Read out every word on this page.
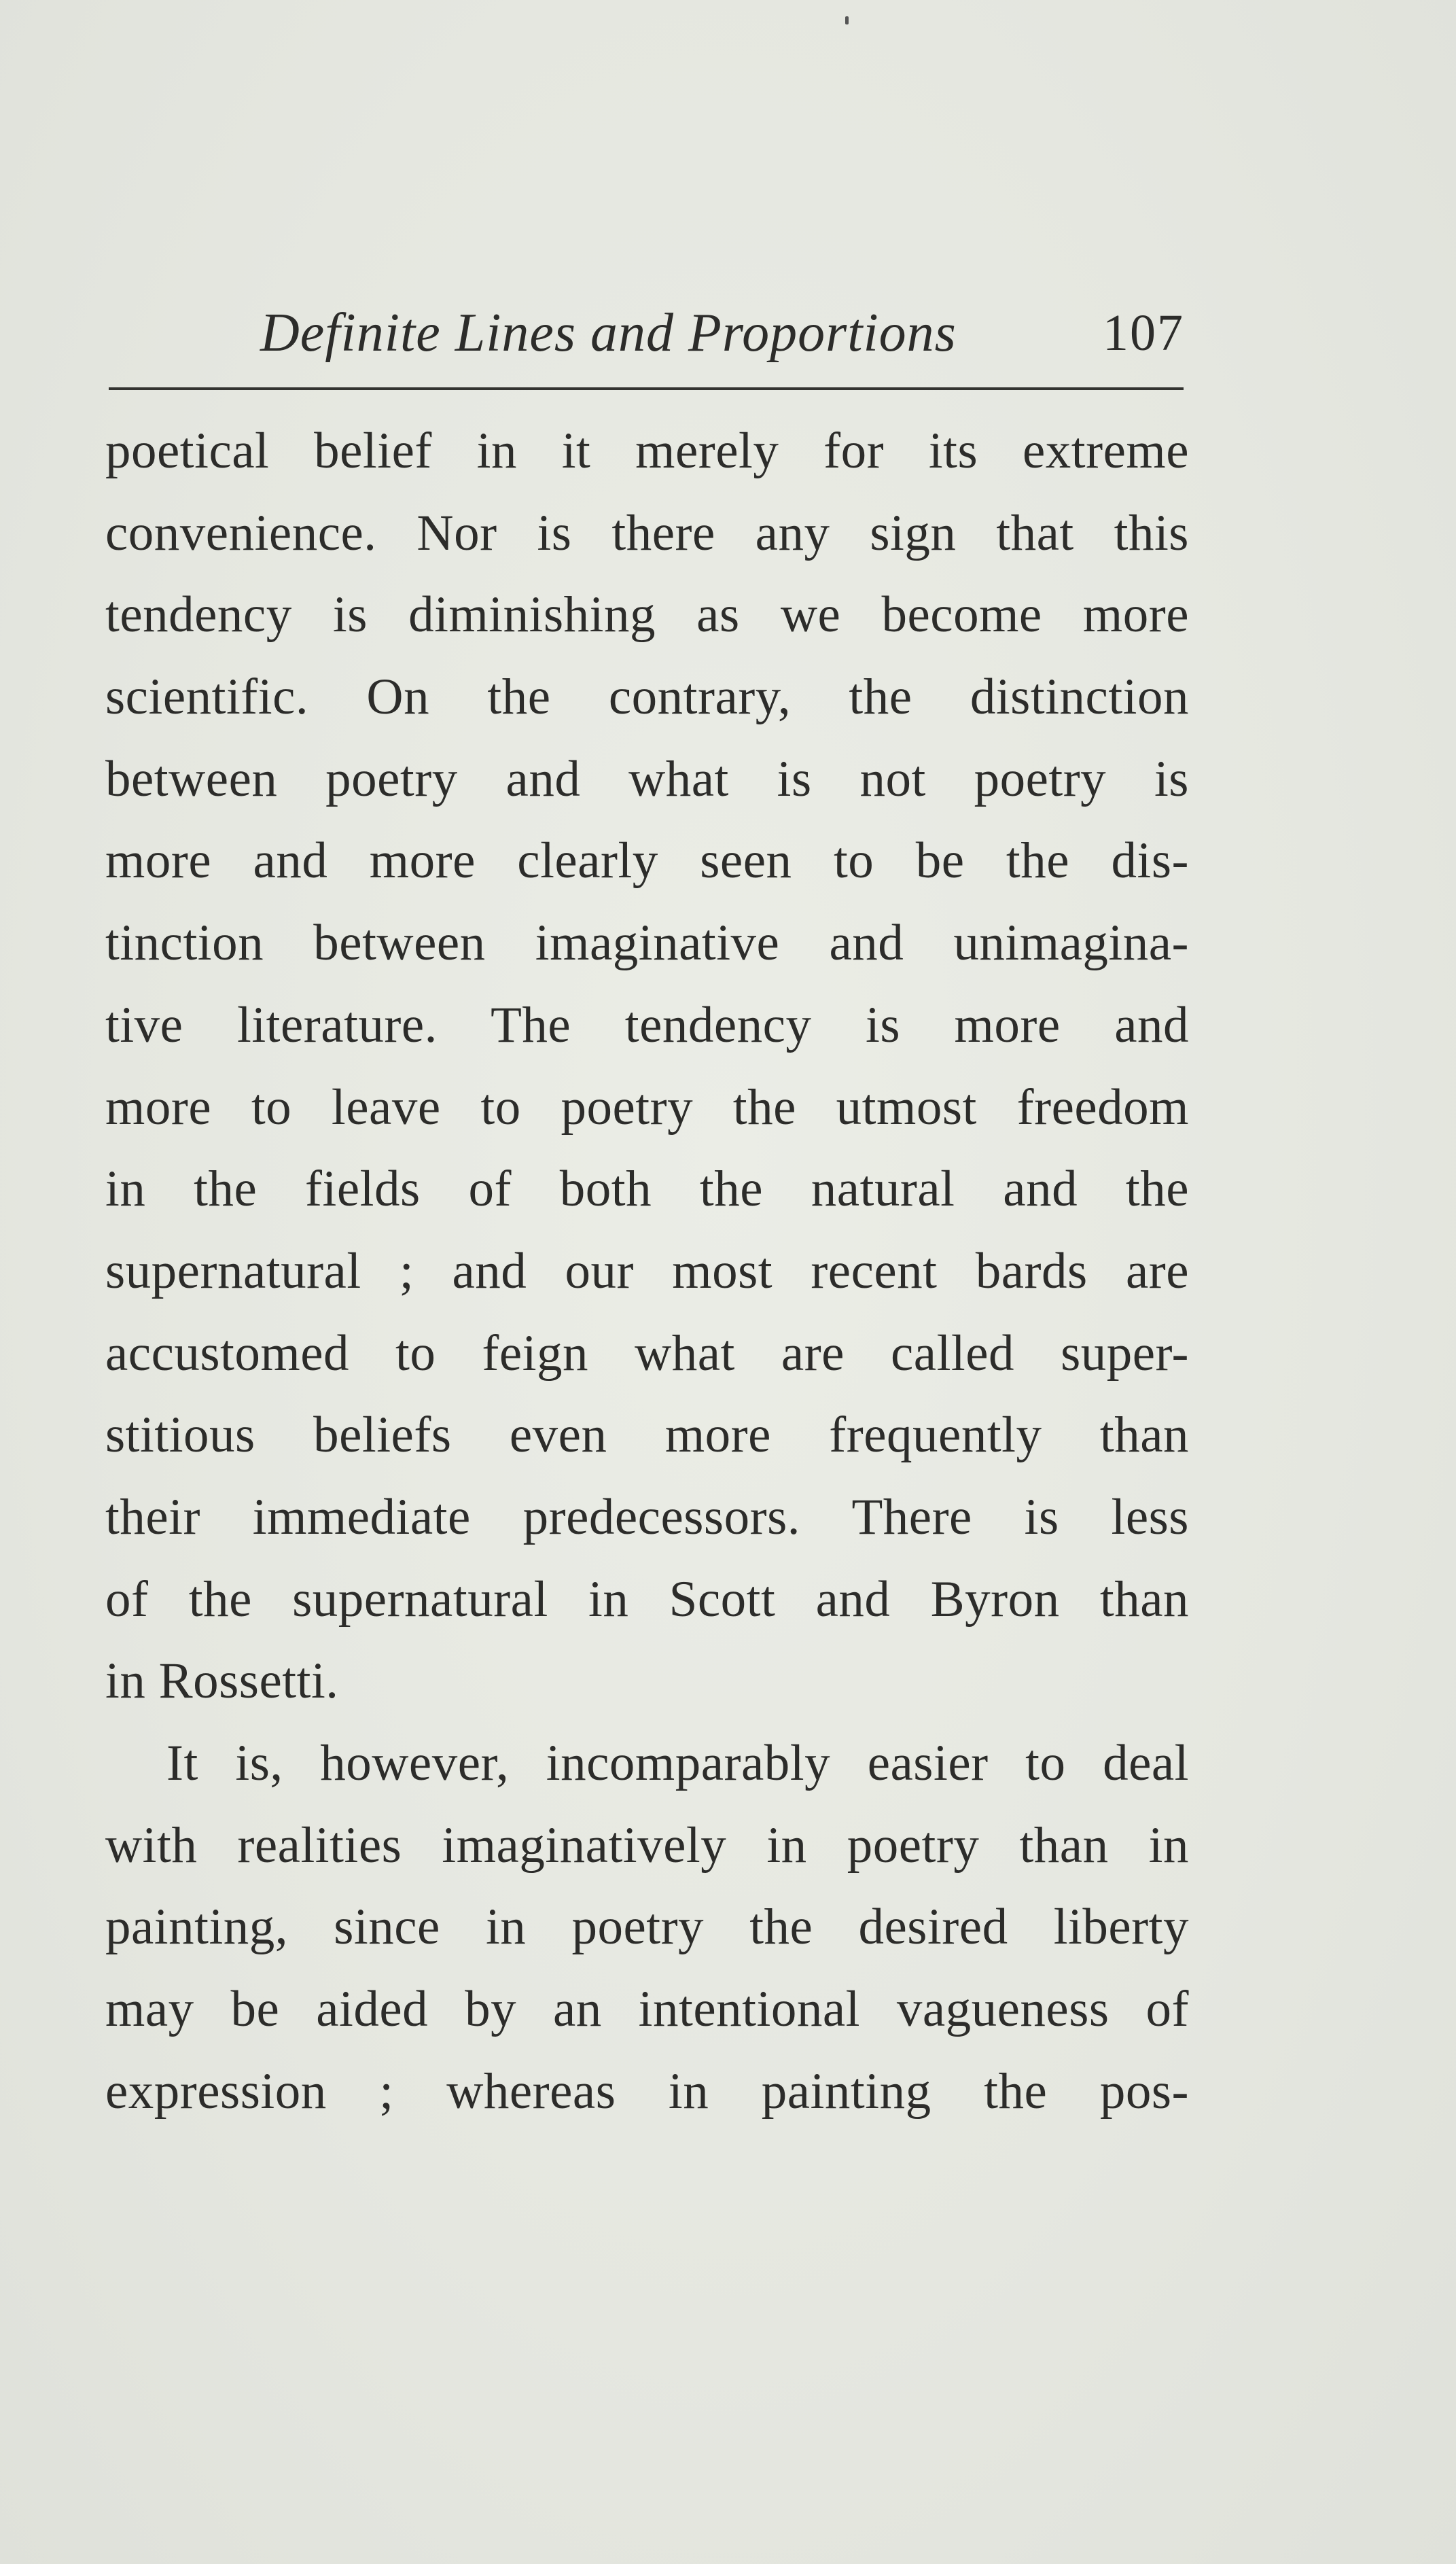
Definite Lines and Proportions	107
poetical belief in it merely for its extreme
convenience. Nor is there any sign that this
tendency is diminishing as we become more
scientific. On the contrary, the distinction
between poetry and what is not poetry is
more and more clearly seen to be the dis-
tinction between imaginative and unimagina-
tive literature. The tendency is more and
more to leave to poetry the utmost freedom
in the fields of both the natural and the
supernatural ; and our most recent bards are
accustomed to feign what are called super-
stitious beliefs even more frequently than
their immediate predecessors. There is less
of the supernatural in Scott and Byron than
in Rossetti.
It is, however, incomparably easier to deal
with realities imaginatively in poetry than in
painting, since in poetry the desired liberty
may be aided by an intentional vagueness of
expression ; whereas in painting the pos-
